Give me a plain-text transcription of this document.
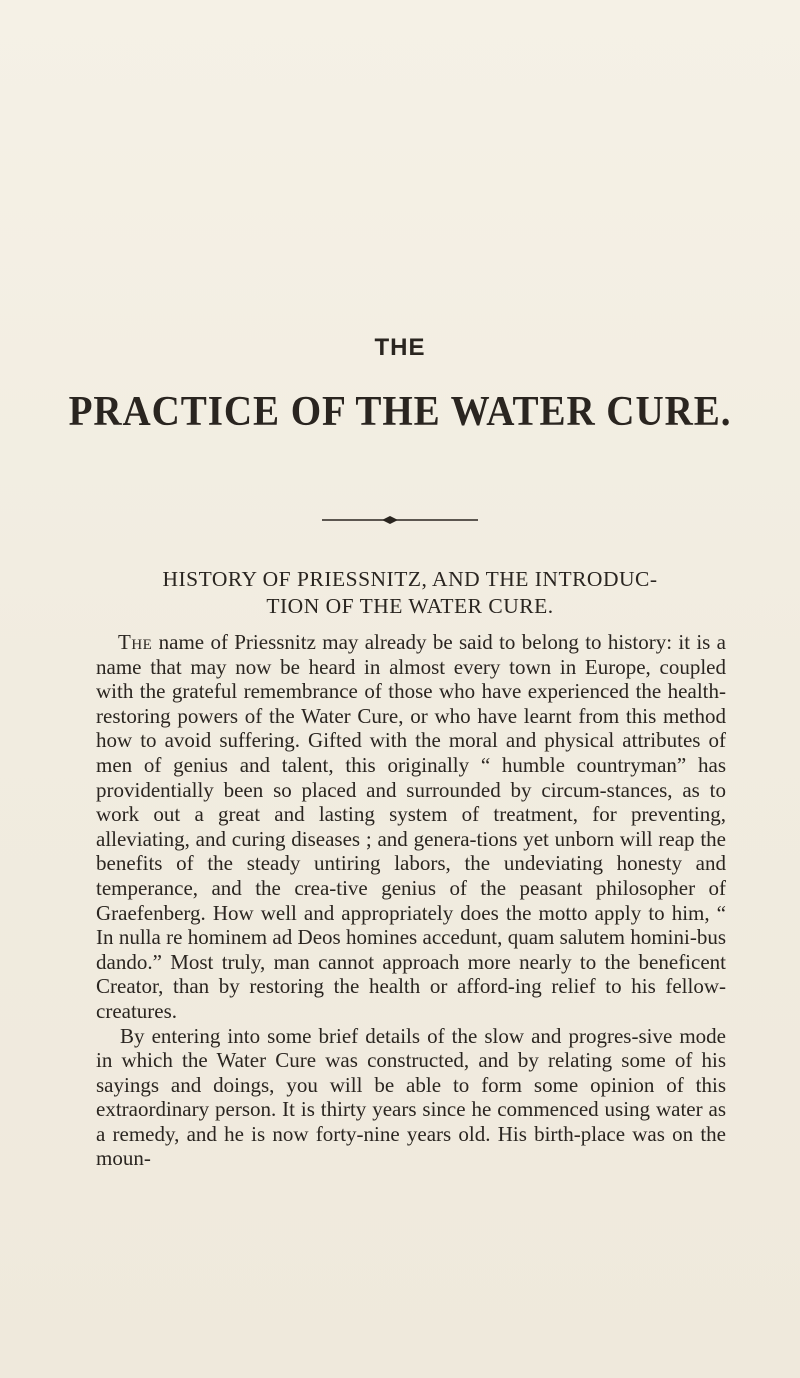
THE
PRACTICE OF THE WATER CURE.
HISTORY OF PRIESSNITZ, AND THE INTRODUC-
TION OF THE WATER CURE.

The name of Priessnitz may already be said to belong to history: it is a name that may now be heard in almost every town in Europe, coupled with the grateful remembrance of those who have experienced the health-restoring powers of the Water Cure, or who have learnt from this method how to avoid suffering. Gifted with the moral and physical attributes of men of genius and talent, this originally “ humble countryman” has providentially been so placed and surrounded by circum-stances, as to work out a great and lasting system of treatment, for preventing, alleviating, and curing diseases ; and genera-tions yet unborn will reap the benefits of the steady untiring labors, the undeviating honesty and temperance, and the crea-tive genius of the peasant philosopher of Graefenberg. How well and appropriately does the motto apply to him, “ In nulla re hominem ad Deos homines accedunt, quam salutem homini-bus dando.” Most truly, man cannot approach more nearly to the beneficent Creator, than by restoring the health or afford-ing relief to his fellow-creatures.

By entering into some brief details of the slow and progres-sive mode in which the Water Cure was constructed, and by relating some of his sayings and doings, you will be able to form some opinion of this extraordinary person. It is thirty years since he commenced using water as a remedy, and he is now forty-nine years old. His birth-place was on the moun-
